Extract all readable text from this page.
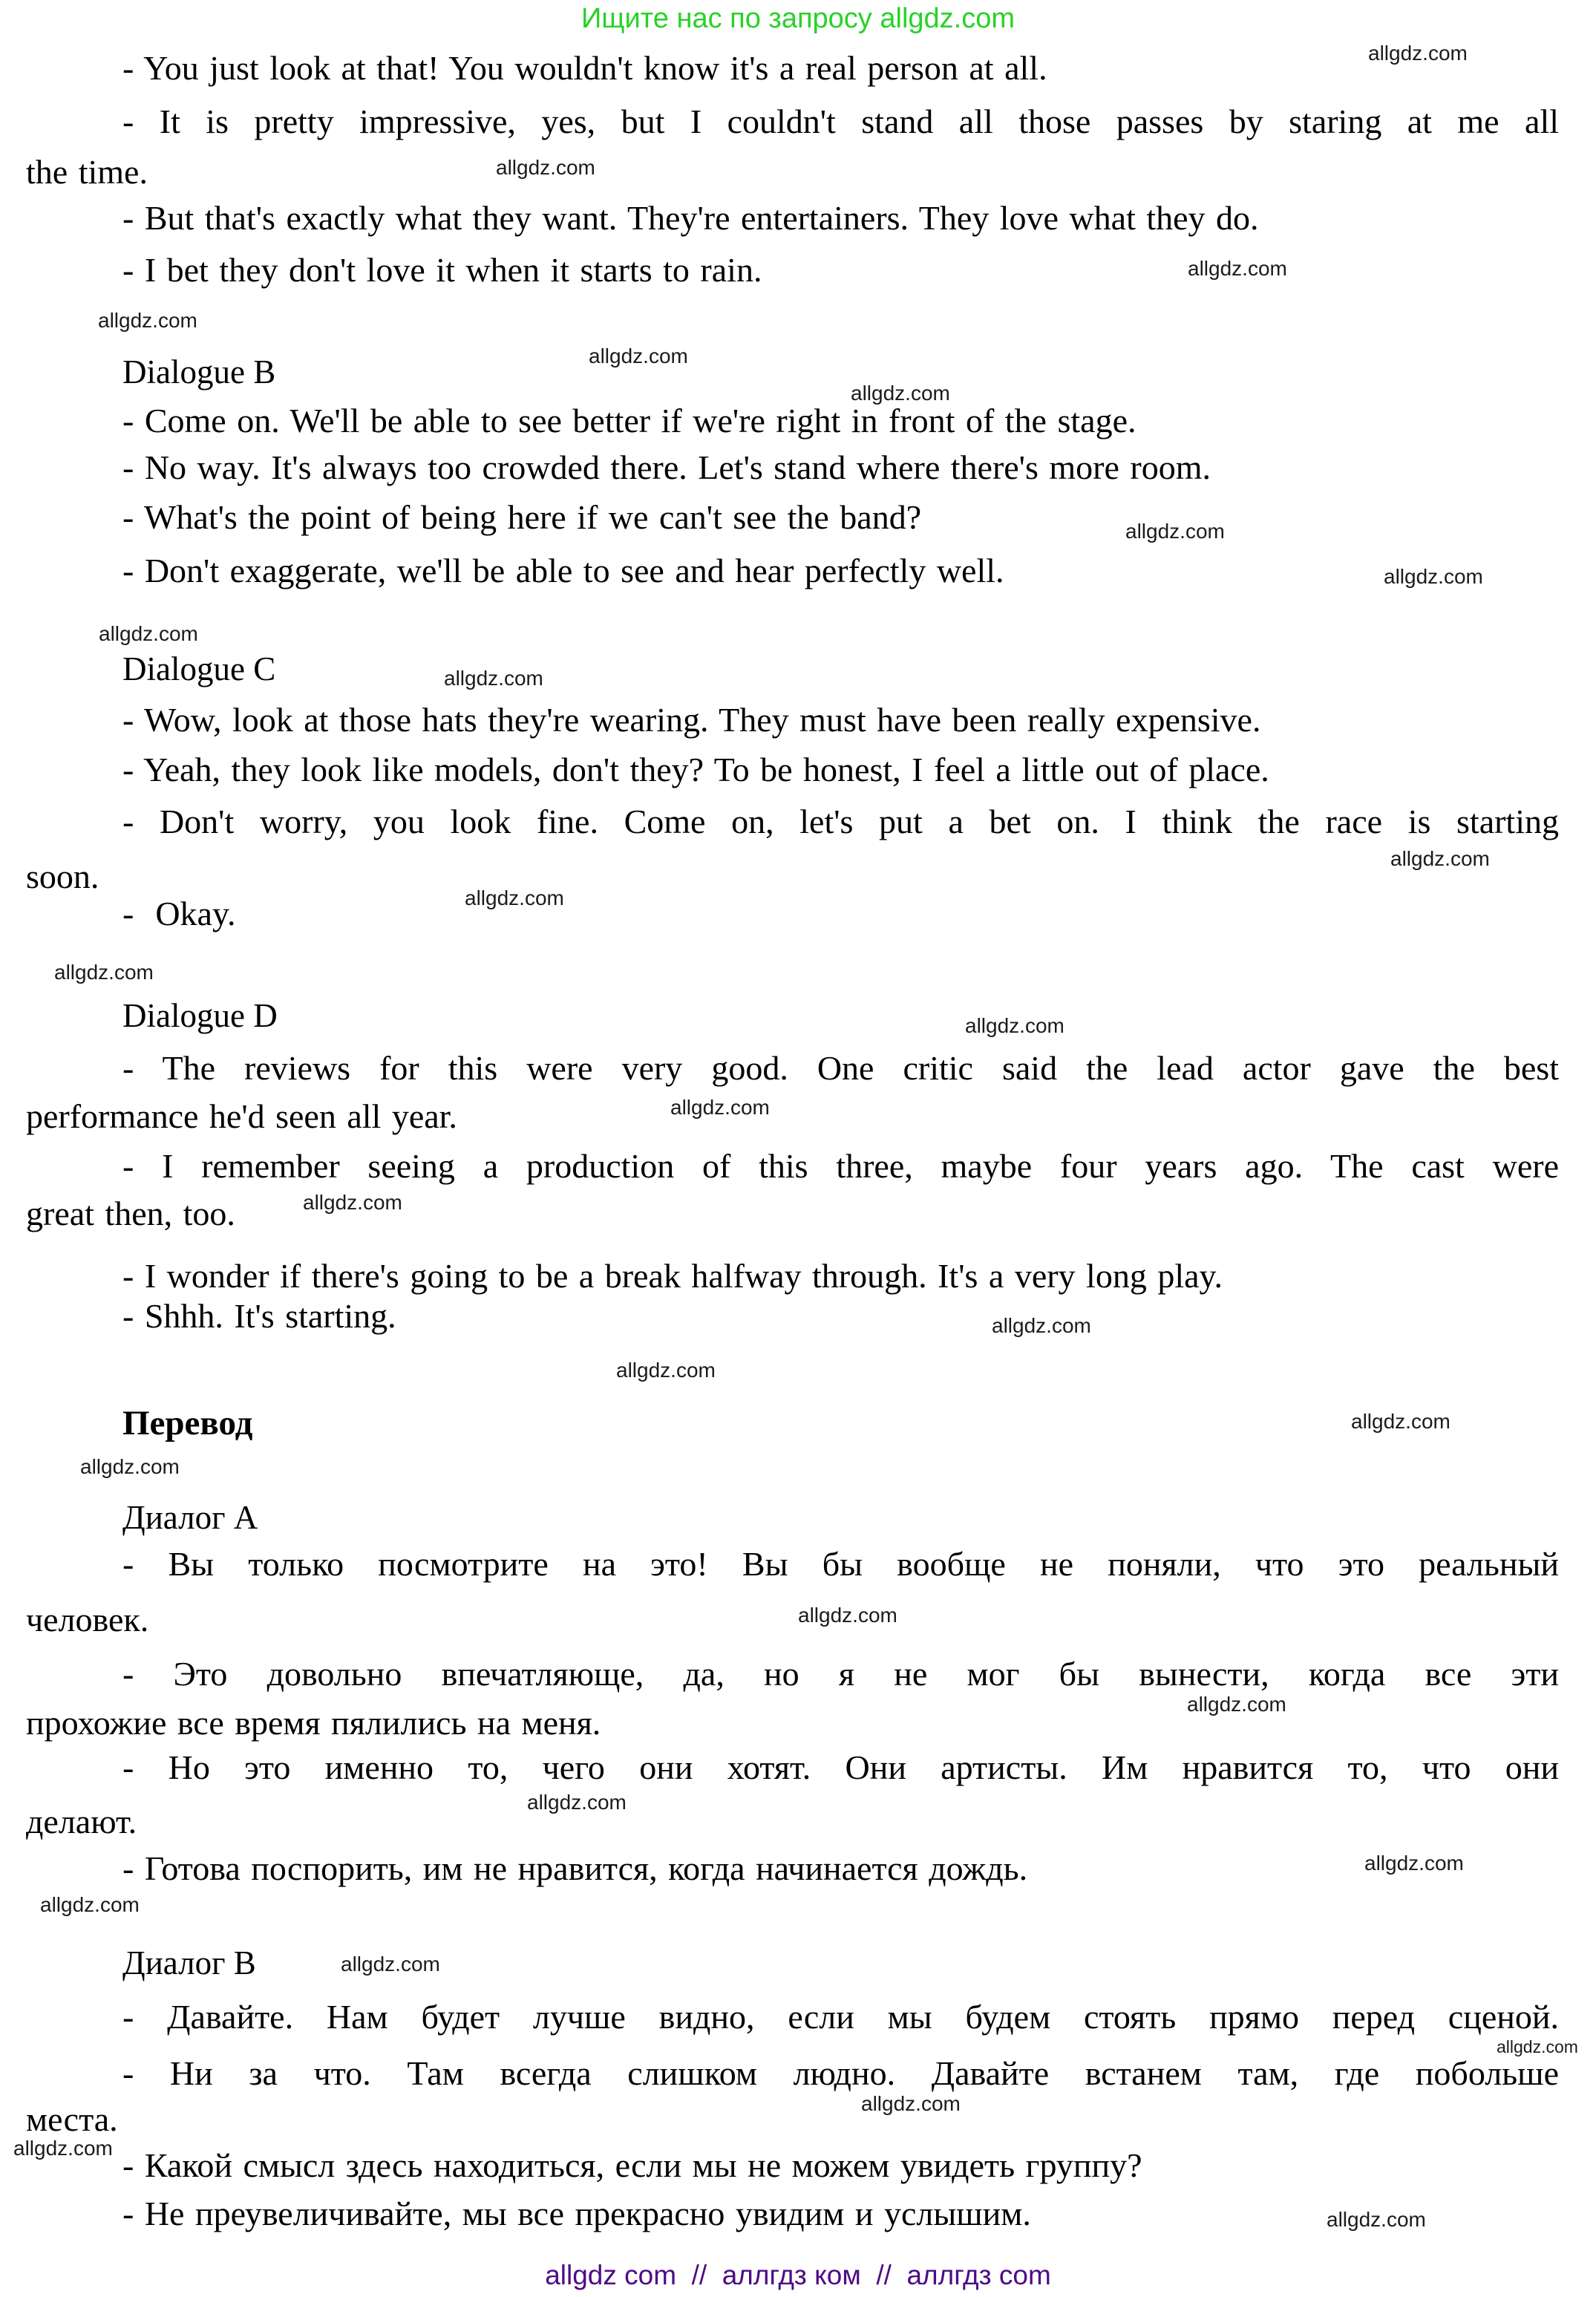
Ищите нас по запросу allgdz.com
- You just look at that! You wouldn't know it's a real person at all.
- It is pretty impressive, yes, but I couldn't stand all those passes by staring at me all
the time.
- But that's exactly what they want. They're entertainers. They love what they do.
- I bet they don't love it when it starts to rain.
Dialogue B
- Come on. We'll be able to see better if we're right in front of the stage.
- No way. It's always too crowded there. Let's stand where there's more room.
- What's the point of being here if we can't see the band?
- Don't exaggerate, we'll be able to see and hear perfectly well.
Dialogue C
- Wow, look at those hats they're wearing. They must have been really expensive.
- Yeah, they look like models, don't they? To be honest, I feel a little out of place.
- Don't worry, you look fine. Come on, let's put a bet on. I think the race is starting
soon.
-  Okay.
Dialogue D
- The reviews for this were very good. One critic said the lead actor gave the best
performance he'd seen all year.
- I remember seeing a production of this three, maybe four years ago. The cast were
great then, too.
- I wonder if there's going to be a break halfway through. It's a very long play.
- Shhh. It's starting.
Перевод
Диалог А
- Вы только посмотрите на это! Вы бы вообще не поняли, что это реальный
человек.
- Это довольно впечатляюще, да, но я не мог бы вынести, когда все эти
прохожие все время пялились на меня.
- Но это именно то, чего они хотят. Они артисты. Им нравится то, что они
делают.
- Готова поспорить, им не нравится, когда начинается дождь.
Диалог B
- Давайте. Нам будет лучше видно, если мы будем стоять прямо перед сценой.
- Ни за что. Там всегда слишком людно. Давайте встанем там, где побольше
места.
- Какой смысл здесь находиться, если мы не можем увидеть группу?
- Не преувеличивайте, мы все прекрасно увидим и услышим.
allgdz.com
allgdz.com
allgdz.com
allgdz.com
allgdz.com
allgdz.com
allgdz.com
allgdz.com
allgdz.com
allgdz.com
allgdz.com
allgdz.com
allgdz.com
allgdz.com
allgdz.com
allgdz.com
allgdz.com
allgdz.com
allgdz.com
allgdz.com
allgdz.com
allgdz.com
allgdz.com
allgdz.com
allgdz.com
allgdz.com
allgdz.com
allgdz.com
allgdz.com
allgdz.com
allgdz com  //  аллгдз ком  //  аллгдз com
